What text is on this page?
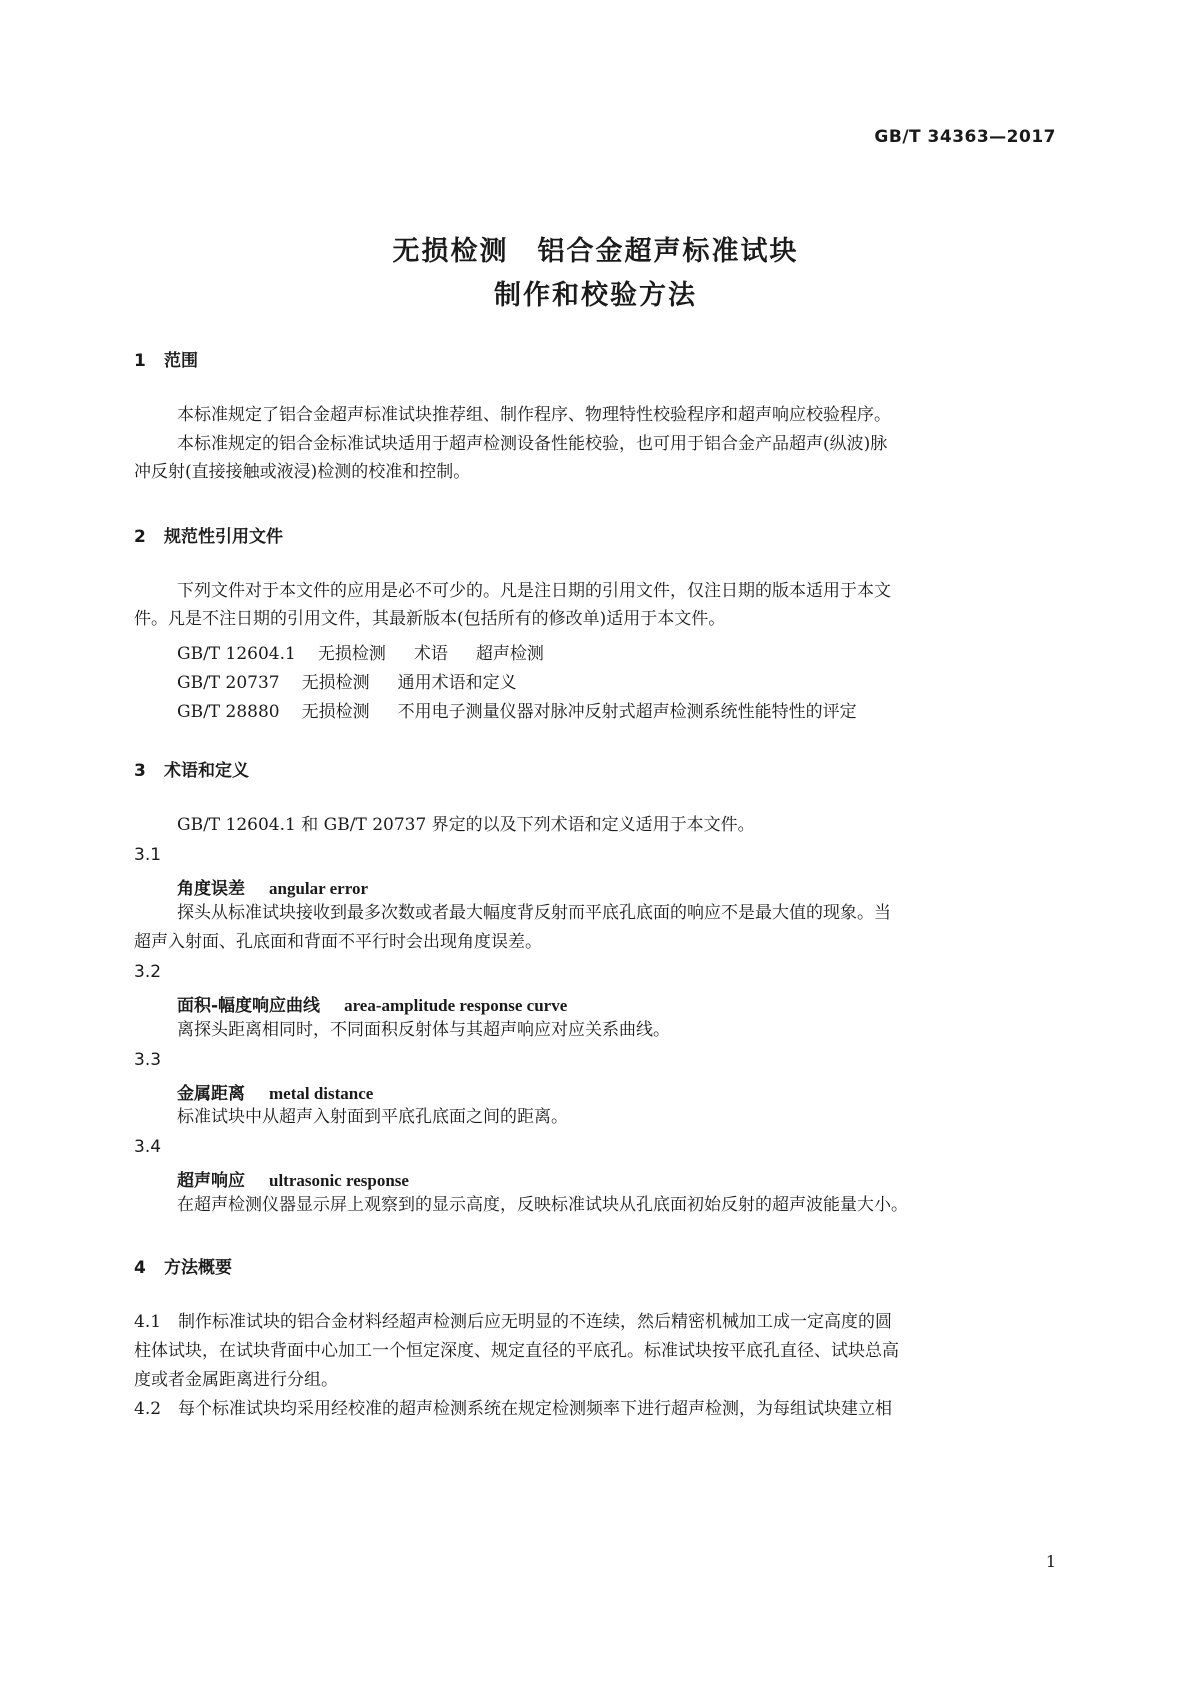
GB/T 34363—2017
无损检测　铝合金超声标准试块
制作和校验方法
1 范围
本标准规定了铝合金超声标准试块推荐组、制作程序、物理特性校验程序和超声响应校验程序。
本标准规定的铝合金标准试块适用于超声检测设备性能校验，也可用于铝合金产品超声(纵波)脉
冲反射(直接接触或液浸)检测的校准和控制。
2 规范性引用文件
下列文件对于本文件的应用是必不可少的。凡是注日期的引用文件，仅注日期的版本适用于本文
件。凡是不注日期的引用文件，其最新版本(包括所有的修改单)适用于本文件。
GB/T 12604.1 无损检测 术语 超声检测
GB/T 20737 无损检测 通用术语和定义
GB/T 28880 无损检测 不用电子测量仪器对脉冲反射式超声检测系统性能特性的评定
3 术语和定义
GB/T 12604.1 和 GB/T 20737 界定的以及下列术语和定义适用于本文件。
3.1
角度误差 angular error
探头从标准试块接收到最多次数或者最大幅度背反射而平底孔底面的响应不是最大值的现象。当
超声入射面、孔底面和背面不平行时会出现角度误差。
3.2
面积-幅度响应曲线 area-amplitude response curve
离探头距离相同时，不同面积反射体与其超声响应对应关系曲线。
3.3
金属距离 metal distance
标准试块中从超声入射面到平底孔底面之间的距离。
3.4
超声响应 ultrasonic response
在超声检测仪器显示屏上观察到的显示高度，反映标准试块从孔底面初始反射的超声波能量大小。
4 方法概要
4.1　制作标准试块的铝合金材料经超声检测后应无明显的不连续，然后精密机械加工成一定高度的圆
柱体试块，在试块背面中心加工一个恒定深度、规定直径的平底孔。标准试块按平底孔直径、试块总高
度或者金属距离进行分组。
4.2　每个标准试块均采用经校准的超声检测系统在规定检测频率下进行超声检测，为每组试块建立相
1
